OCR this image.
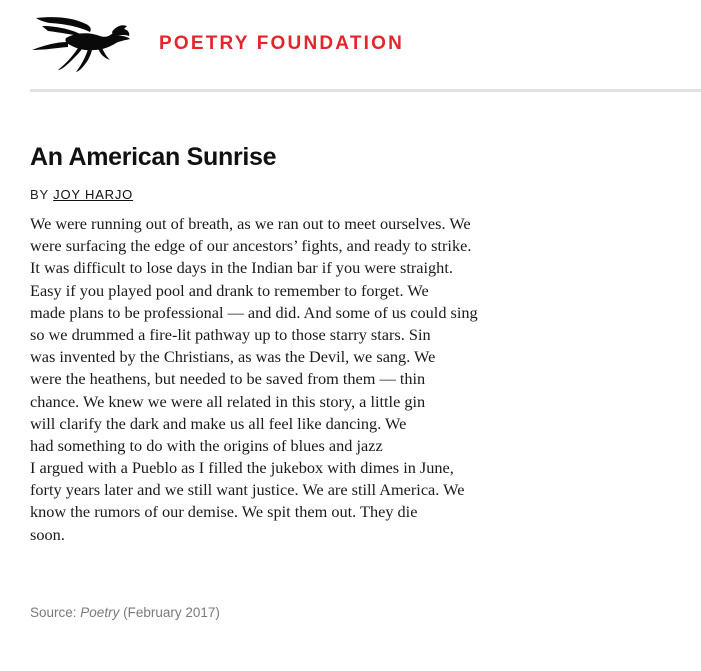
POETRY FOUNDATION
An American Sunrise
BY JOY HARJO
We were running out of breath, as we ran out to meet ourselves. We
were surfacing the edge of our ancestors’ fights, and ready to strike.
It was difficult to lose days in the Indian bar if you were straight.
Easy if you played pool and drank to remember to forget. We
made plans to be professional — and did. And some of us could sing
so we drummed a fire-lit pathway up to those starry stars. Sin
was invented by the Christians, as was the Devil, we sang. We
were the heathens, but needed to be saved from them — thin
chance. We knew we were all related in this story, a little gin
will clarify the dark and make us all feel like dancing. We
had something to do with the origins of blues and jazz
I argued with a Pueblo as I filled the jukebox with dimes in June,
forty years later and we still want justice. We are still America. We
know the rumors of our demise. We spit them out. They die
soon.
Source: Poetry (February 2017)
